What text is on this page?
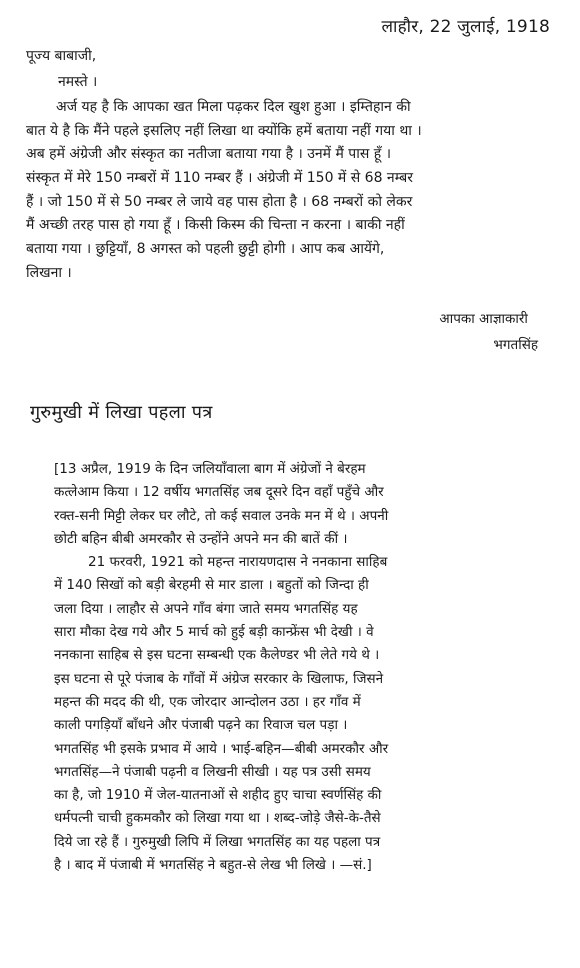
लाहौर, 22 जुलाई, 1918
पूज्य बाबाजी,
नमस्ते ।
अर्ज यह है कि आपका खत मिला पढ़कर दिल खुश हुआ । इम्तिहान की
बात ये है कि मैंने पहले इसलिए नहीं लिखा था क्योंकि हमें बताया नहीं गया था ।
अब हमें अंग्रेजी और संस्कृत का नतीजा बताया गया है । उनमें मैं पास हूँ ।
संस्कृत में मेरे 150 नम्बरों में 110 नम्बर हैं । अंग्रेजी में 150 में से 68 नम्बर
हैं । जो 150 में से 50 नम्बर ले जाये वह पास होता है । 68 नम्बरों को लेकर
मैं अच्छी तरह पास हो गया हूँ । किसी किस्म की चिन्ता न करना । बाकी नहीं
बताया गया । छुट्टियाँ, 8 अगस्त को पहली छुट्टी होगी । आप कब आयेंगे,
लिखना ।
आपका आज्ञाकारी
भगतसिंह
गुरुमुखी में लिखा पहला पत्र
[13 अप्रैल, 1919 के दिन जलियाँवाला बाग में अंग्रेजों ने बेरहम
कत्लेआम किया । 12 वर्षीय भगतसिंह जब दूसरे दिन वहाँ पहुँचे और
रक्त-सनी मिट्टी लेकर घर लौटे, तो कई सवाल उनके मन में थे । अपनी
छोटी बहिन बीबी अमरकौर से उन्होंने अपने मन की बातें कीं ।
21 फरवरी, 1921 को महन्त नारायणदास ने ननकाना साहिब
में 140 सिखों को बड़ी बेरहमी से मार डाला । बहुतों को जिन्दा ही
जला दिया । लाहौर से अपने गाँव बंगा जाते समय भगतसिंह यह
सारा मौका देख गये और 5 मार्च को हुई बड़ी कान्फ्रेंस भी देखी । वे
ननकाना साहिब से इस घटना सम्बन्धी एक कैलेण्डर भी लेते गये थे ।
इस घटना से पूरे पंजाब के गाँवों में अंग्रेज सरकार के खिलाफ, जिसने
महन्त की मदद की थी, एक जोरदार आन्दोलन उठा । हर गाँव में
काली पगड़ियाँ बाँधने और पंजाबी पढ़ने का रिवाज चल पड़ा ।
भगतसिंह भी इसके प्रभाव में आये । भाई-बहिन—बीबी अमरकौर और
भगतसिंह—ने पंजाबी पढ़नी व लिखनी सीखी । यह पत्र उसी समय
का है, जो 1910 में जेल-यातनाओं से शहीद हुए चाचा स्वर्णसिंह की
धर्मपत्नी चाची हुकमकौर को लिखा गया था । शब्द-जोड़े जैसे-के-तैसे
दिये जा रहे हैं । गुरुमुखी लिपि में लिखा भगतसिंह का यह पहला पत्र
है । बाद में पंजाबी में भगतसिंह ने बहुत-से लेख भी लिखे । —सं.]
